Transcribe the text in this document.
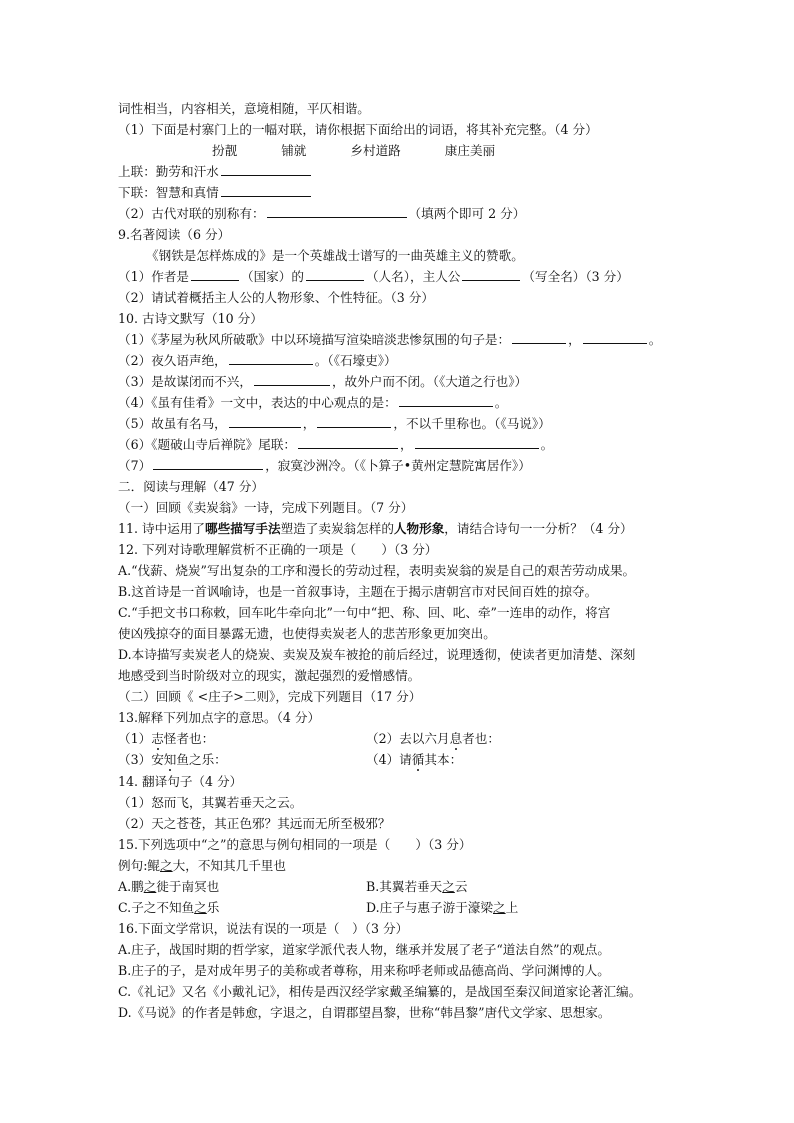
词性相当，内容相关，意境相随，平仄相谐。
（1）下面是村寨门上的一幅对联，请你根据下面给出的词语，将其补充完整。（4 分）
扮靓	铺就	乡村道路	康庄美丽
上联：勤劳和汗水
下联：智慧和真情
（2）古代对联的别称有：	（填两个即可 2 分）
9.名著阅读（6 分）
《钢铁是怎样炼成的》是一个英雄战士谱写的一曲英雄主义的赞歌。
（1）作者是	（国家）的	（人名），主人公	（写全名）（3 分）
（2）请试着概括主人公的人物形象、个性特征。（3 分）
10. 古诗文默写（10 分）
（1）《茅屋为秋风所破歌》中以环境描写渲染暗淡悲惨氛围的句子是：	，	。
（2）夜久语声绝，	。（《石壕吏》）
（3）是故谋闭而不兴，	，故外户而不闭。（《大道之行也》）
（4）《虽有佳肴》一文中，表达的中心观点的是：	。
（5）故虽有名马，	，	，不以千里称也。（《马说》）
（6）《题破山寺后禅院》尾联：	，	。
（7）	，寂寞沙洲冷。（《卜算子•黄州定慧院寓居作》）
二．阅读与理解（47 分）
（一）回顾《卖炭翁》一诗，完成下列题目。（7 分）
11. 诗中运用了哪些描写手法塑造了卖炭翁怎样的人物形象，请结合诗句一一分析？（4 分）
12. 下列对诗歌理解赏析不正确的一项是（　　）（3 分）
A.“伐薪、烧炭”写出复杂的工序和漫长的劳动过程，表明卖炭翁的炭是自己的艰苦劳动成果。
B.这首诗是一首讽喻诗，也是一首叙事诗，主题在于揭示唐朝宫市对民间百姓的掠夺。
C.“手把文书口称敕，回车叱牛牵向北”一句中“把、称、回、叱、牵”一连串的动作，将宫
使凶残掠夺的面目暴露无遗，也使得卖炭老人的悲苦形象更加突出。
D.本诗描写卖炭老人的烧炭、卖炭及炭车被抢的前后经过，说理透彻，使读者更加清楚、深刻
地感受到当时阶级对立的现实，激起强烈的爱憎感情。
（二）回顾《 <庄子>二则》，完成下列题目（17 分）
13.解释下列加点字的意思。（4 分）
（1）志怪者也：	（2）去以六月息者也：
（3）安知鱼之乐：	（4）请循其本：
14. 翻译句子（4 分）
（1）怒而飞，其翼若垂天之云。
（2）天之苍苍，其正色邪？其远而无所至极邪？
15.下列选项中“之”的意思与例句相同的一项是（　　）（3 分）
例句:鲲之大，不知其几千里也
A.鹏之徙于南冥也	B.其翼若垂天之云
C.子之不知鱼之乐	D.庄子与惠子游于濠梁之上
16.下面文学常识，说法有误的一项是（　）（3 分）
A.庄子，战国时期的哲学家，道家学派代表人物，继承并发展了老子“道法自然”的观点。
B.庄子的子，是对成年男子的美称或者尊称，用来称呼老师或品德高尚、学问渊博的人。
C.《礼记》又名《小戴礼记》，相传是西汉经学家戴圣编纂的，是战国至秦汉间道家论著汇编。
D.《马说》的作者是韩愈，字退之，自谓郡望昌黎，世称“韩昌黎”唐代文学家、思想家。
